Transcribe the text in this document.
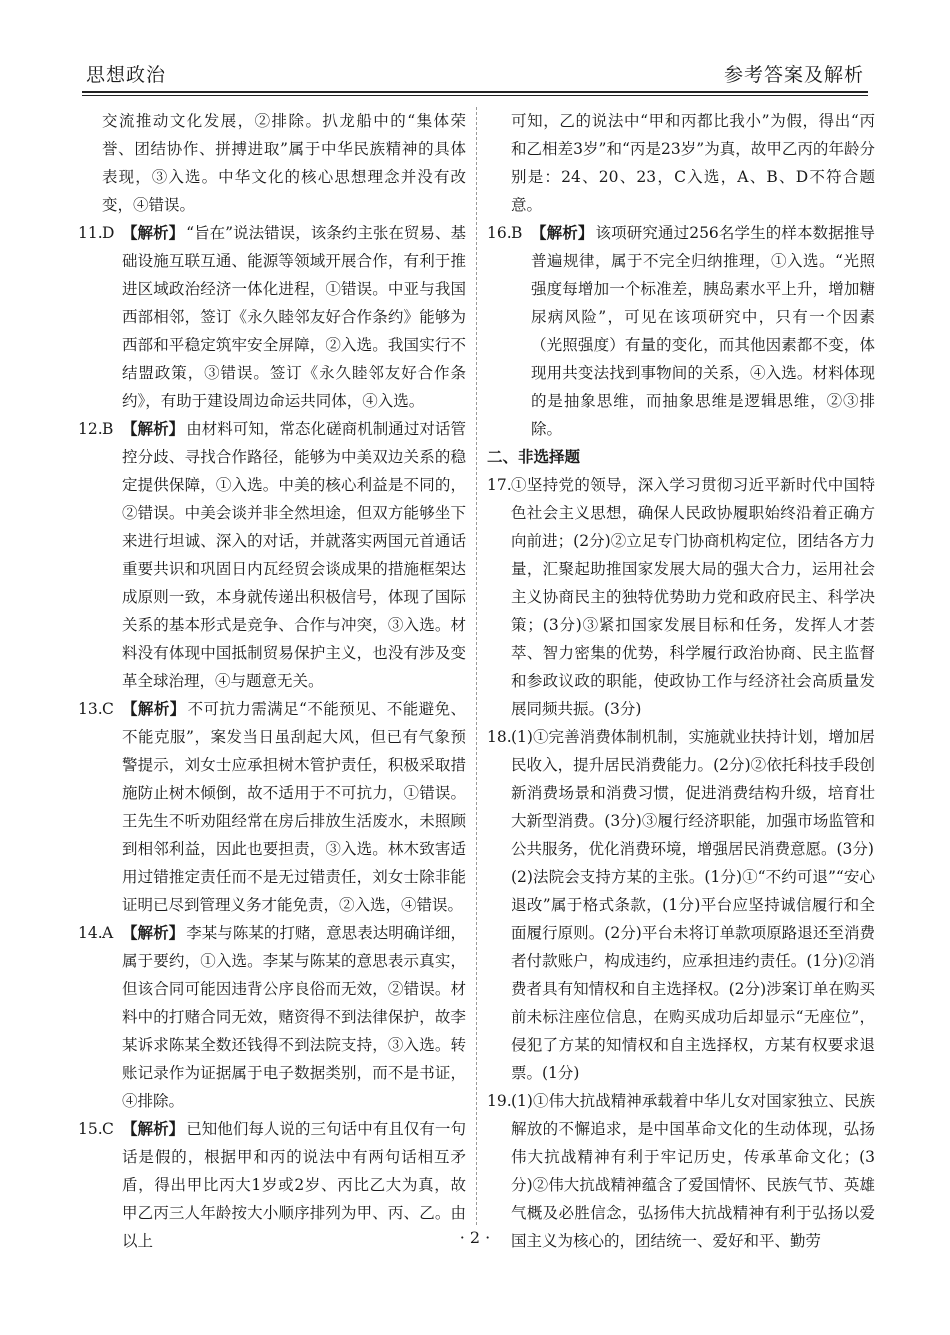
思想政治	参考答案及解析
交流推动文化发展，②排除。扒龙船中的“集体荣誉、团结协作、拼搏进取”属于中华民族精神的具体表现，③入选。中华文化的核心思想理念并没有改变，④错误。
11. D 【解析】 “旨在”说法错误，该条约主张在贸易、基础设施互联互通、能源等领域开展合作，有利于推进区域政治经济一体化进程，①错误。中亚与我国西部相邻，签订《永久睦邻友好合作条约》能够为西部和平稳定筑牢安全屏障，②入选。我国实行不结盟政策，③错误。签订《永久睦邻友好合作条约》，有助于建设周边命运共同体，④入选。
12. B 【解析】 由材料可知，常态化磋商机制通过对话管控分歧、寻找合作路径，能够为中美双边关系的稳定提供保障，①入选。中美的核心利益是不同的，②错误。中美会谈并非全然坦途，但双方能够坐下来进行坦诚、深入的对话，并就落实两国元首通话重要共识和巩固日内瓦经贸会谈成果的措施框架达成原则一致，本身就传递出积极信号，体现了国际关系的基本形式是竞争、合作与冲突，③入选。材料没有体现中国抵制贸易保护主义，也没有涉及变革全球治理，④与题意无关。
13. C 【解析】 不可抗力需满足“不能预见、不能避免、不能克服”，案发当日虽刮起大风，但已有气象预警提示，刘女士应承担树木管护责任，积极采取措施防止树木倾倒，故不适用于不可抗力，①错误。王先生不听劝阻经常在房后排放生活废水，未照顾到相邻利益，因此也要担责，③入选。林木致害适用过错推定责任而不是无过错责任，刘女士除非能证明已尽到管理义务才能免责，②入选，④错误。
14. A 【解析】 李某与陈某的打赌，意思表达明确详细，属于要约，①入选。李某与陈某的意思表示真实，但该合同可能因违背公序良俗而无效，②错误。材料中的打赌合同无效，赌资得不到法律保护，故李某诉求陈某全数还钱得不到法院支持，③入选。转账记录作为证据属于电子数据类别，而不是书证，④排除。
15. C 【解析】 已知他们每人说的三句话中有且仅有一句话是假的，根据甲和丙的说法中有两句话相互矛盾，得出甲比丙大1岁或2岁、丙比乙大为真，故甲乙丙三人年龄按大小顺序排列为甲、丙、乙。由以上
可知，乙的说法中“甲和丙都比我小”为假，得出“丙和乙相差3岁”和“丙是23岁”为真，故甲乙丙的年龄分别是：24、20、23，C入选，A、B、D不符合题意。
16. B 【解析】 该项研究通过256名学生的样本数据推导普遍规律，属于不完全归纳推理，①入选。“光照强度每增加一个标准差，胰岛素水平上升，增加糖尿病风险”，可见在该项研究中，只有一个因素（光照强度）有量的变化，而其他因素都不变，体现用共变法找到事物间的关系，④入选。材料体现的是抽象思维，而抽象思维是逻辑思维，②③排除。
二、非选择题
17. ①坚持党的领导，深入学习贯彻习近平新时代中国特色社会主义思想，确保人民政协履职始终沿着正确方向前进；(2分)②立足专门协商机构定位，团结各方力量，汇聚起助推国家发展大局的强大合力，运用社会主义协商民主的独特优势助力党和政府民主、科学决策；(3分)③紧扣国家发展目标和任务，发挥人才荟萃、智力密集的优势，科学履行政治协商、民主监督和参政议政的职能，使政协工作与经济社会高质量发展同频共振。(3分)
18. (1)①完善消费体制机制，实施就业扶持计划，增加居民收入，提升居民消费能力。(2分)②依托科技手段创新消费场景和消费习惯，促进消费结构升级，培育壮大新型消费。(3分)③履行经济职能，加强市场监管和公共服务，优化消费环境，增强居民消费意愿。(3分)
(2)法院会支持方某的主张。(1分)①“不约可退”“安心退改”属于格式条款，(1分)平台应坚持诚信履行和全面履行原则。(2分)平台未将订单款项原路退还至消费者付款账户，构成违约，应承担违约责任。(1分)②消费者具有知情权和自主选择权。(2分)涉案订单在购买前未标注座位信息，在购买成功后却显示“无座位”，侵犯了方某的知情权和自主选择权，方某有权要求退票。(1分)
19. (1)①伟大抗战精神承载着中华儿女对国家独立、民族解放的不懈追求，是中国革命文化的生动体现，弘扬伟大抗战精神有利于牢记历史，传承革命文化；(3分)②伟大抗战精神蕴含了爱国情怀、民族气节、英雄气概及必胜信念，弘扬伟大抗战精神有利于弘扬以爱国主义为核心的，团结统一、爱好和平、勤劳
· 2 ·
